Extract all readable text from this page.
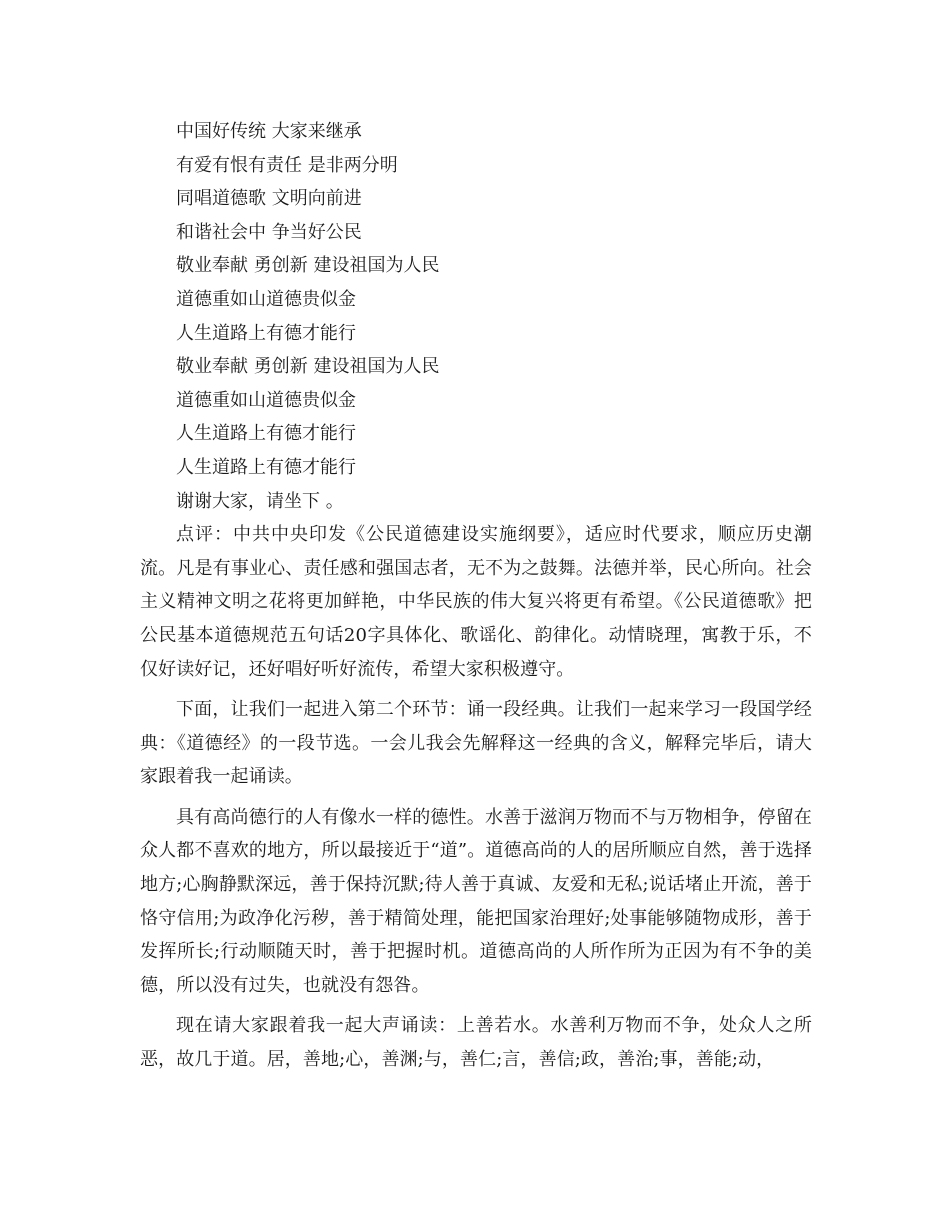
中国好传统 大家来继承

有爱有恨有责任 是非两分明

同唱道德歌 文明向前进

和谐社会中 争当好公民

敬业奉献 勇创新 建设祖国为人民

道德重如山道德贵似金

人生道路上有德才能行

敬业奉献 勇创新 建设祖国为人民

道德重如山道德贵似金

人生道路上有德才能行

人生道路上有德才能行

谢谢大家，请坐下 。

点评：中共中央印发《公民道德建设实施纲要》，适应时代要求，顺应历史潮流。凡是有事业心、责任感和强国志者，无不为之鼓舞。法德并举，民心所向。社会主义精神文明之花将更加鲜艳，中华民族的伟大复兴将更有希望。《公民道德歌》把公民基本道德规范五句话20字具体化、歌谣化、韵律化。动情晓理，寓教于乐，不仅好读好记，还好唱好听好流传，希望大家积极遵守。

下面，让我们一起进入第二个环节：诵一段经典。让我们一起来学习一段国学经典：《道德经》的一段节选。一会儿我会先解释这一经典的含义，解释完毕后，请大家跟着我一起诵读。

具有高尚德行的人有像水一样的德性。水善于滋润万物而不与万物相争，停留在众人都不喜欢的地方，所以最接近于“道”。道德高尚的人的居所顺应自然，善于选择地方;心胸静默深远，善于保持沉默;待人善于真诚、友爱和无私;说话堵止开流，善于恪守信用;为政净化污秽，善于精简处理，能把国家治理好;处事能够随物成形，善于发挥所长;行动顺随天时，善于把握时机。道德高尚的人所作所为正因为有不争的美德，所以没有过失，也就没有怨咎。

现在请大家跟着我一起大声诵读：上善若水。水善利万物而不争，处众人之所恶，故几于道。居，善地;心，善渊;与，善仁;言，善信;政，善治;事，善能;动，
